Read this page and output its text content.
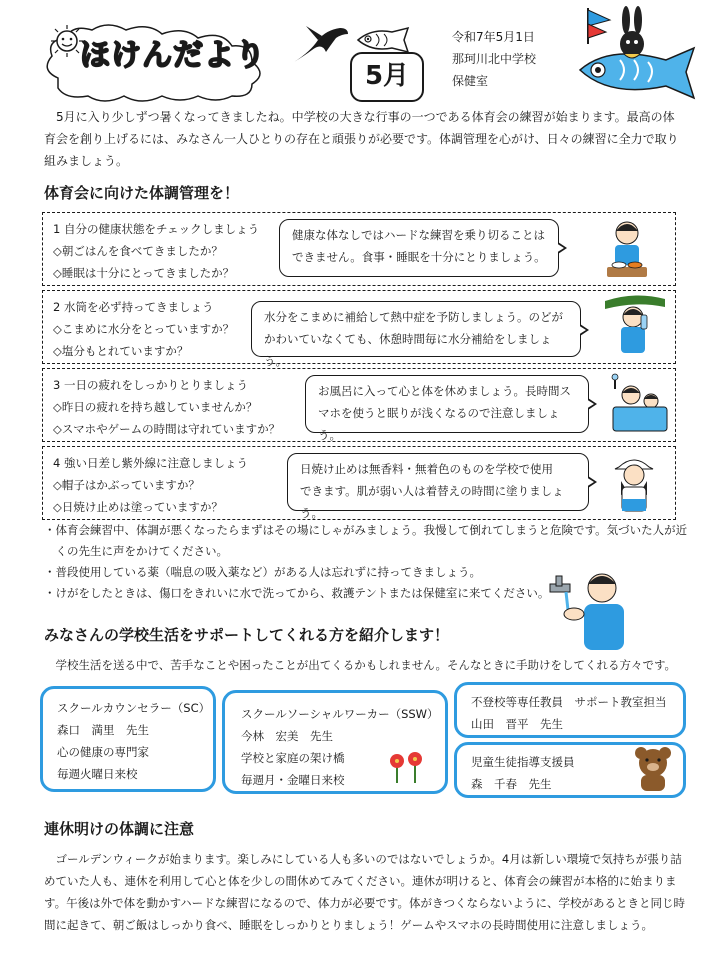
ほけんだより
5月
令和7年5月1日
那珂川北中学校
保健室
5月に入り少しずつ暑くなってきましたね。中学校の大きな行事の一つである体育会の練習が始まります。最高の体育会を創り上げるには、みなさん一人ひとりの存在と頑張りが必要です。体調管理を心がけ、日々の練習に全力で取り組みましょう。
体育会に向けた体調管理を！
1 自分の健康状態をチェックしましょう
◇朝ごはんを食べてきましたか？
◇睡眠は十分にとってきましたか？
健康な体なしではハードな練習を乗り切ることは
できません。食事・睡眠を十分にとりましょう。
2 水筒を必ず持ってきましょう
◇こまめに水分をとっていますか？
◇塩分もとれていますか？
水分をこまめに補給して熱中症を予防しましょう。のどが
かわいていなくても、休憩時間毎に水分補給をしましょう。
3 一日の疲れをしっかりとりましょう
◇昨日の疲れを持ち越していませんか？
◇スマホやゲームの時間は守れていますか？
お風呂に入って心と体を休めましょう。長時間ス
マホを使うと眠りが浅くなるので注意しましょう。
4 強い日差し紫外線に注意しましょう
◇帽子はかぶっていますか？
◇日焼け止めは塗っていますか？
日焼け止めは無香料・無着色のものを学校で使用
できます。肌が弱い人は着替えの時間に塗りましょう。
・体育会練習中、体調が悪くなったらまずはその場にしゃがみましょう。我慢して倒れてしまうと危険です。気づいた人が近
　くの先生に声をかけてください。
・普段使用している薬（喘息の吸入薬など）がある人は忘れずに持ってきましょう。
・けがをしたときは、傷口をきれいに水で洗ってから、救護テントまたは保健室に来てください。
みなさんの学校生活をサポートしてくれる方を紹介します！
学校生活を送る中で、苦手なことや困ったことが出てくるかもしれません。そんなときに手助けをしてくれる方々です。
スクールカウンセラー（SC）
森口　満里　先生
心の健康の専門家
毎週火曜日来校
スクールソーシャルワーカー（SSW）
今林　宏美　先生
学校と家庭の架け橋
毎週月・金曜日来校
不登校等専任教員　サポート教室担当
山田　晋平　先生
児童生徒指導支援員
森　千春　先生
連休明けの体調に注意
ゴールデンウィークが始まります。楽しみにしている人も多いのではないでしょうか。4月は新しい環境で気持ちが張り詰
めていた人も、連休を利用して心と体を少しの間休めてみてください。連休が明けると、体育会の練習が本格的に始まりま
す。午後は外で体を動かすハードな練習になるので、体力が必要です。体がきつくならないように、学校があるときと同じ時
間に起きて、朝ご飯はしっかり食べ、睡眠をしっかりとりましょう！ゲームやスマホの長時間使用に注意しましょう。
